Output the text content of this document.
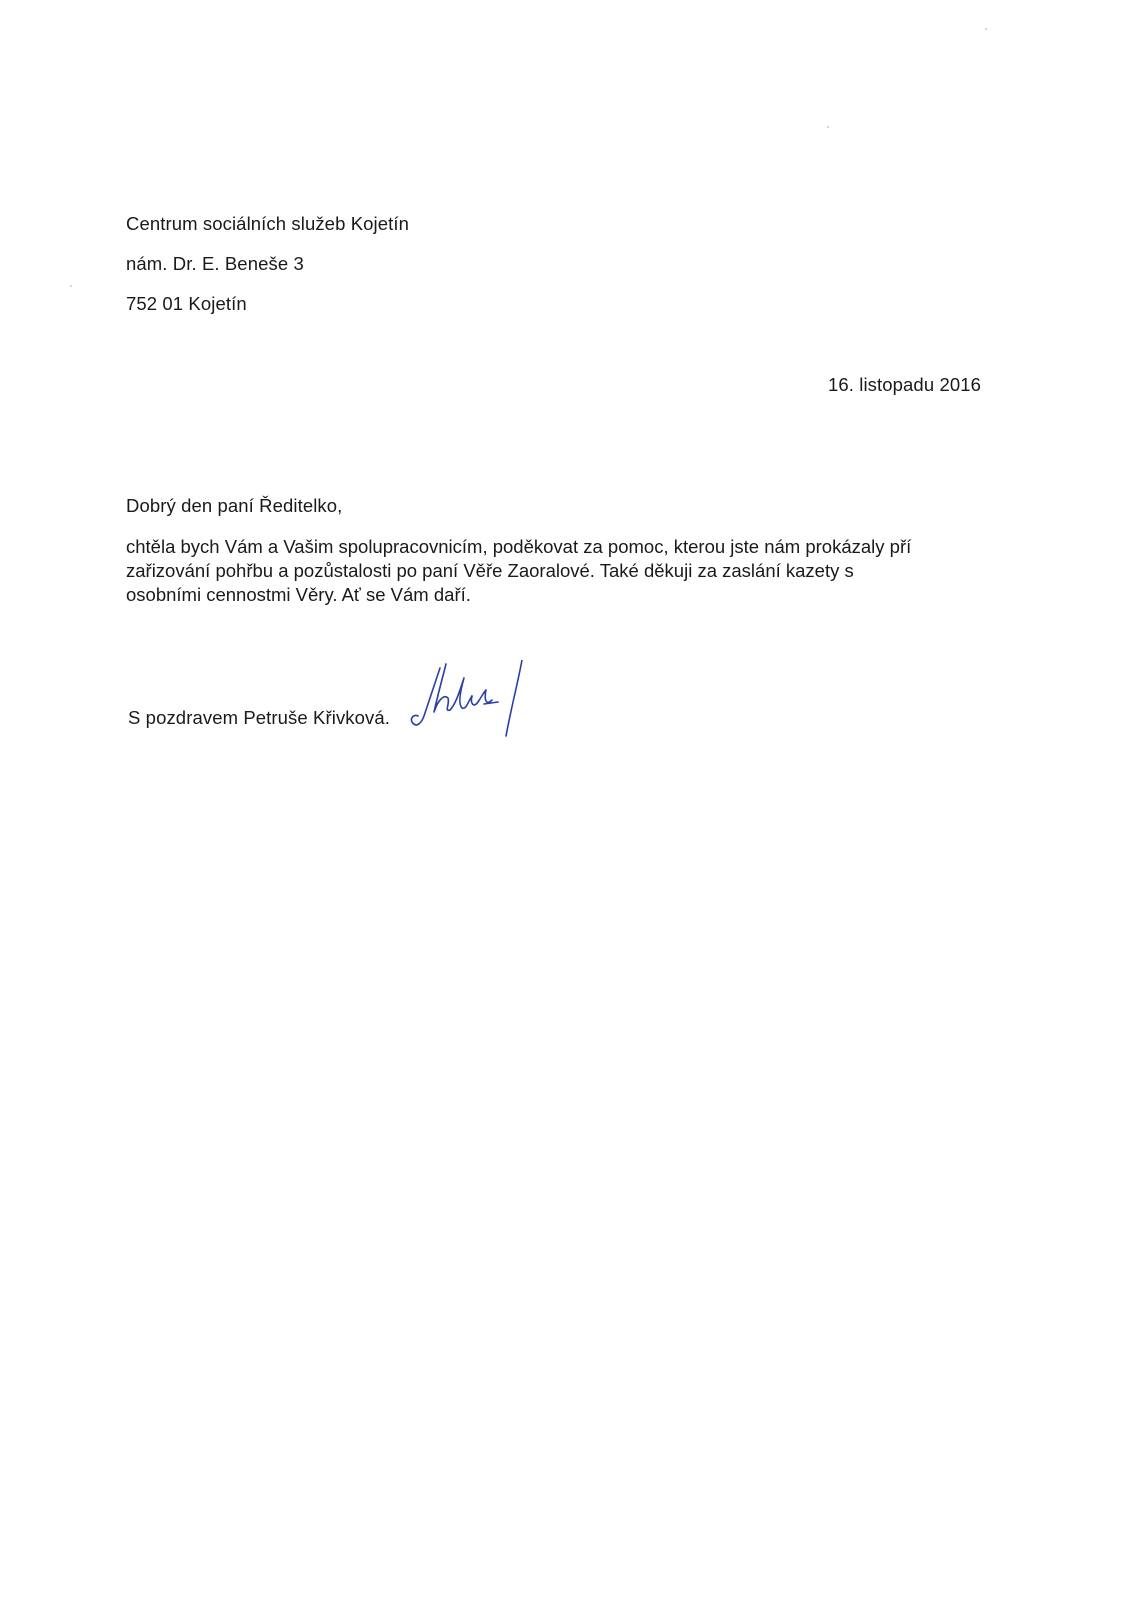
Centrum sociálních služeb Kojetín
nám. Dr. E. Beneše 3
752 01 Kojetín
16. listopadu 2016
Dobrý den paní Ředitelko,
chtěla bych Vám a Vašim spolupracovnicím, poděkovat za pomoc, kterou jste nám prokázaly pří
zařizování pohřbu a pozůstalosti po paní Věře Zaoralové. Také děkuji za zaslání kazety s
osobními cennostmi Věry. Ať se Vám daří.
S pozdravem Petruše Křivková.
